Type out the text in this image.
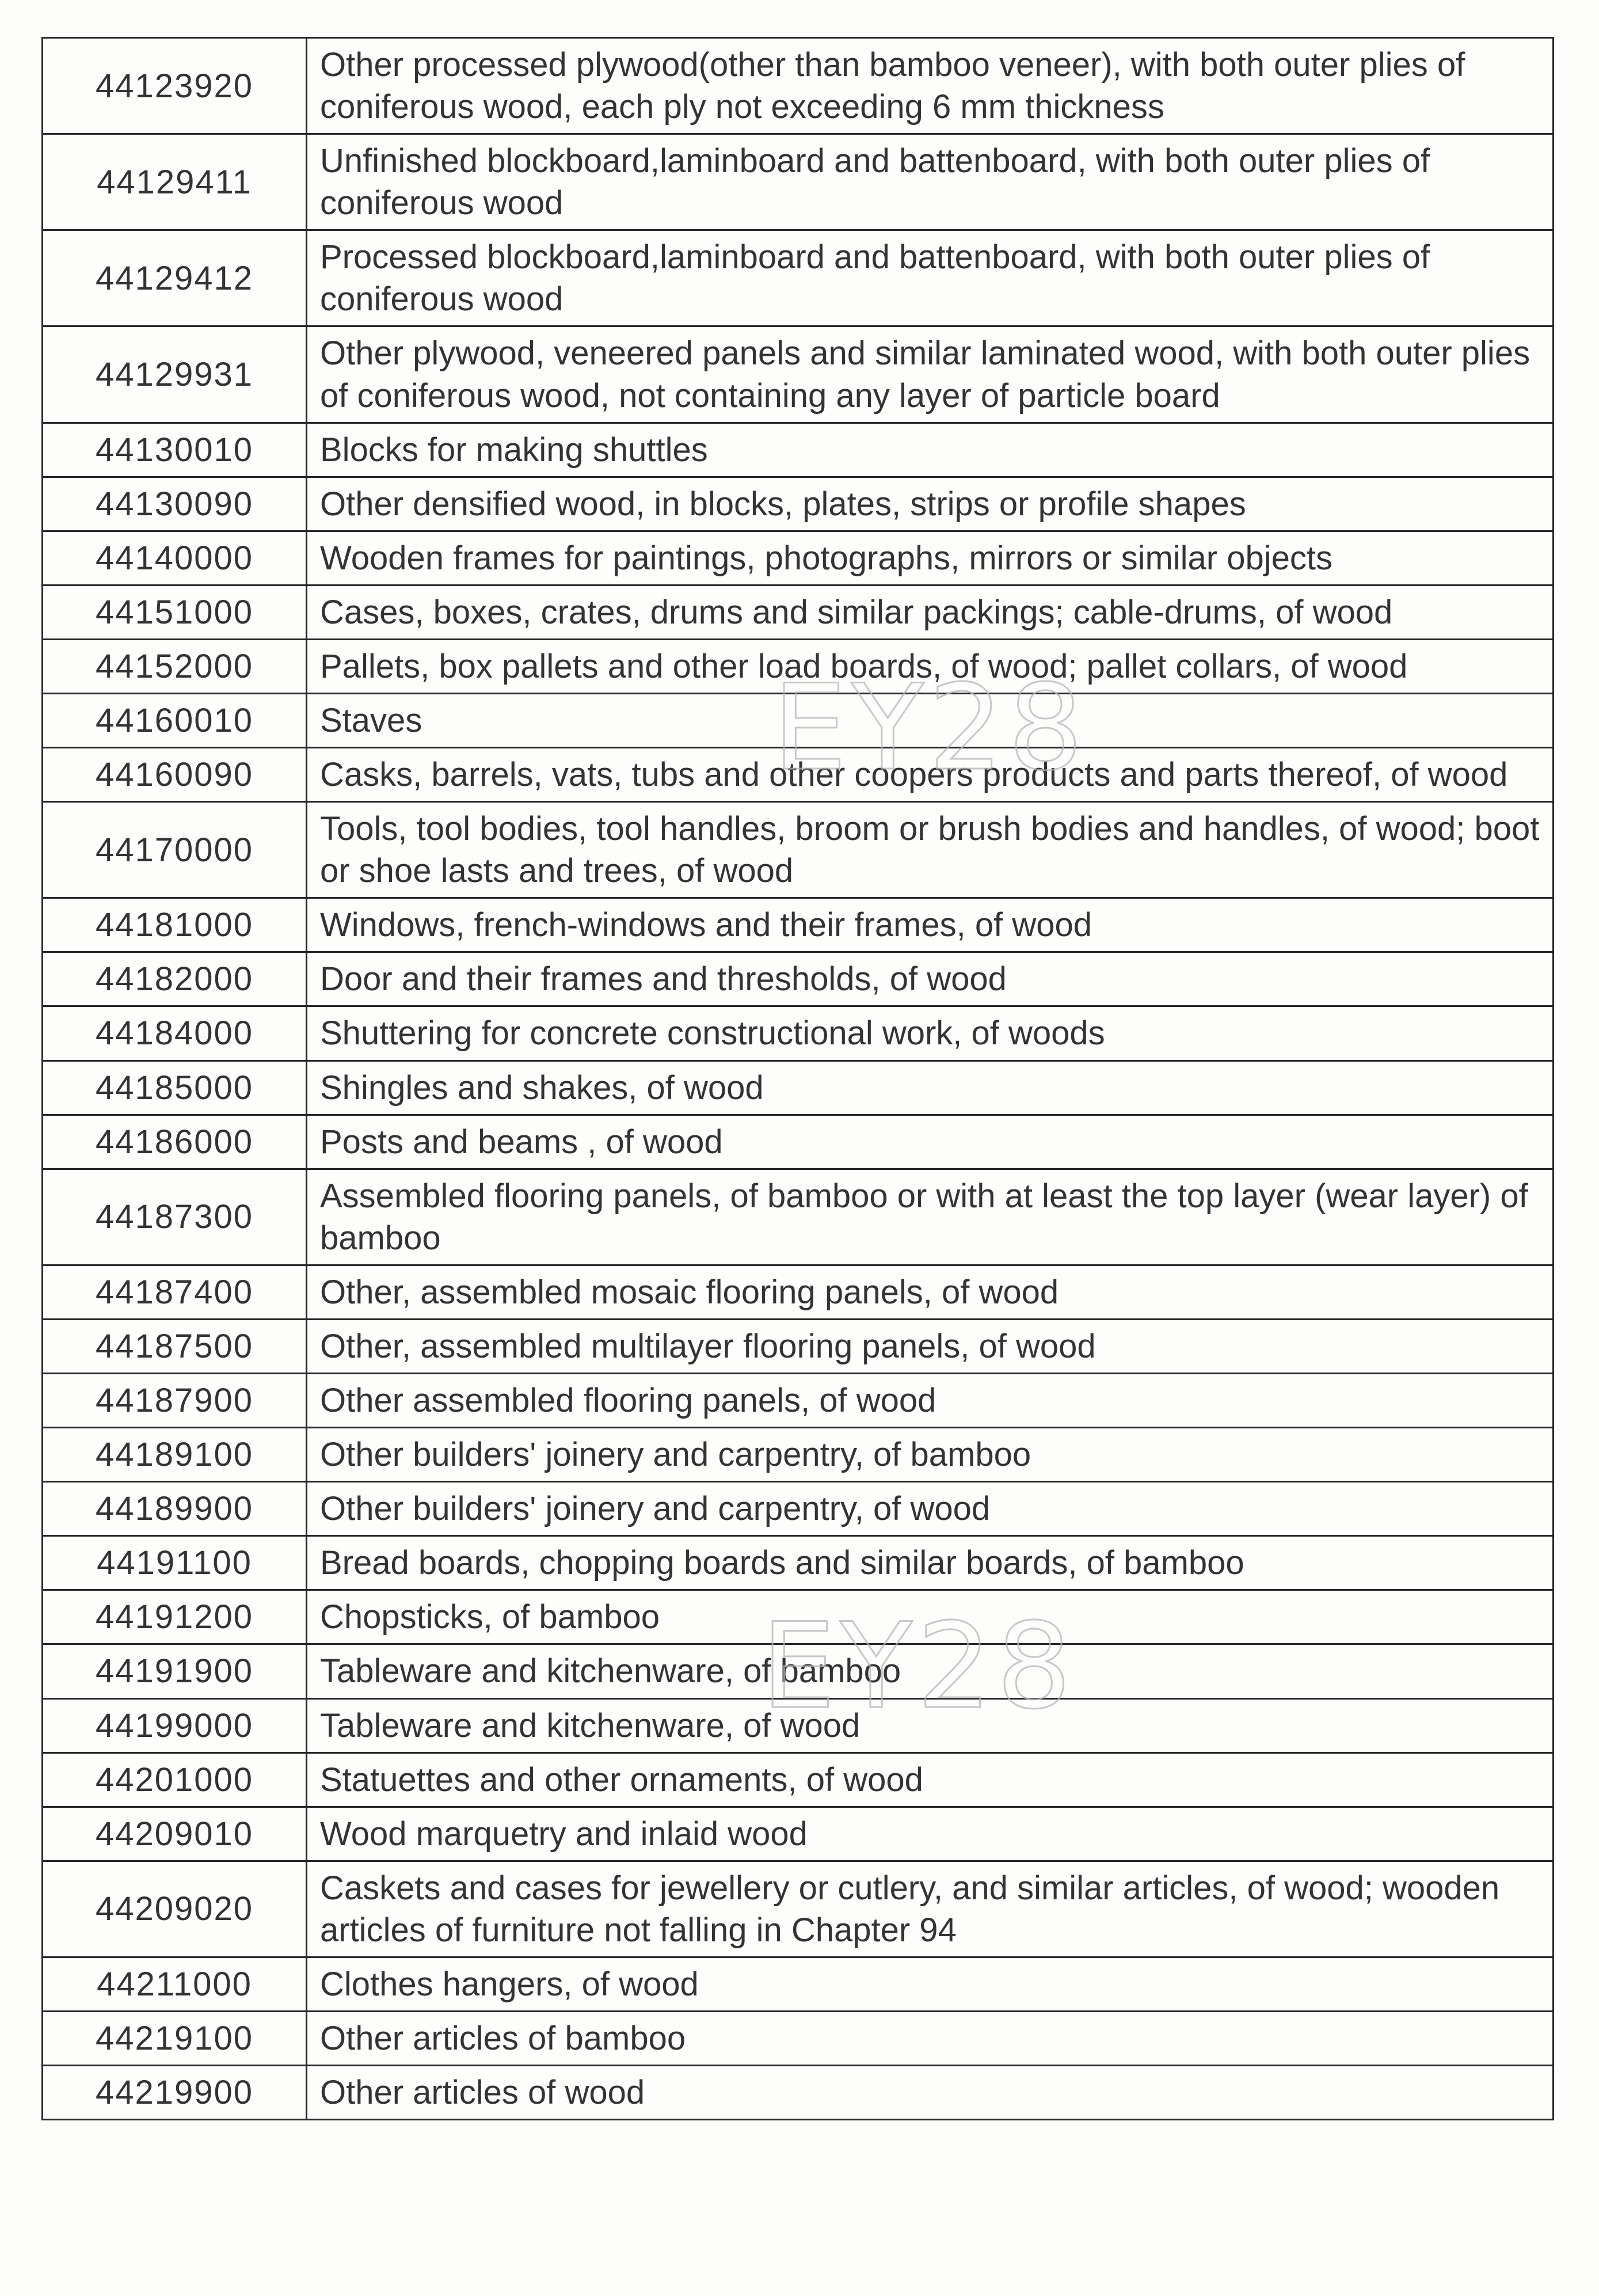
44123920	Other processed plywood(other than bamboo veneer), with both outer plies of coniferous wood, each ply not exceeding 6 mm thickness
44129411	Unfinished blockboard,laminboard and battenboard, with both outer plies of coniferous wood
44129412	Processed blockboard,laminboard and battenboard, with both outer plies of coniferous wood
44129931	Other plywood, veneered panels and similar laminated wood, with both outer plies of coniferous wood, not containing any layer of particle board
44130010	Blocks for making shuttles
44130090	Other densified wood, in blocks, plates, strips or profile shapes
44140000	Wooden frames for paintings, photographs, mirrors or similar objects
44151000	Cases, boxes, crates, drums and similar packings; cable-drums, of wood
44152000	Pallets, box pallets and other load boards, of wood; pallet collars, of wood
44160010	Staves
44160090	Casks, barrels, vats, tubs and other coopers products and parts thereof, of wood
44170000	Tools, tool bodies, tool handles, broom or brush bodies and handles, of wood; boot or shoe lasts and trees, of wood
44181000	Windows, french-windows and their frames, of wood
44182000	Door and their frames and thresholds, of wood
44184000	Shuttering for concrete constructional work, of woods
44185000	Shingles and shakes, of wood
44186000	Posts and beams , of wood
44187300	Assembled flooring panels, of bamboo or with at least the top layer (wear layer) of bamboo
44187400	Other, assembled mosaic flooring panels, of wood
44187500	Other, assembled multilayer flooring panels, of wood
44187900	Other assembled flooring panels, of wood
44189100	Other builders' joinery and carpentry, of bamboo
44189900	Other builders' joinery and carpentry, of wood
44191100	Bread boards, chopping boards and similar boards, of bamboo
44191200	Chopsticks, of bamboo
44191900	Tableware and kitchenware, of bamboo
44199000	Tableware and kitchenware, of wood
44201000	Statuettes and other ornaments, of wood
44209010	Wood marquetry and inlaid wood
44209020	Caskets and cases for jewellery or cutlery, and similar articles, of wood; wooden articles of furniture not falling in Chapter 94
44211000	Clothes hangers, of wood
44219100	Other articles of bamboo
44219900	Other articles of wood
EY28
EY28
